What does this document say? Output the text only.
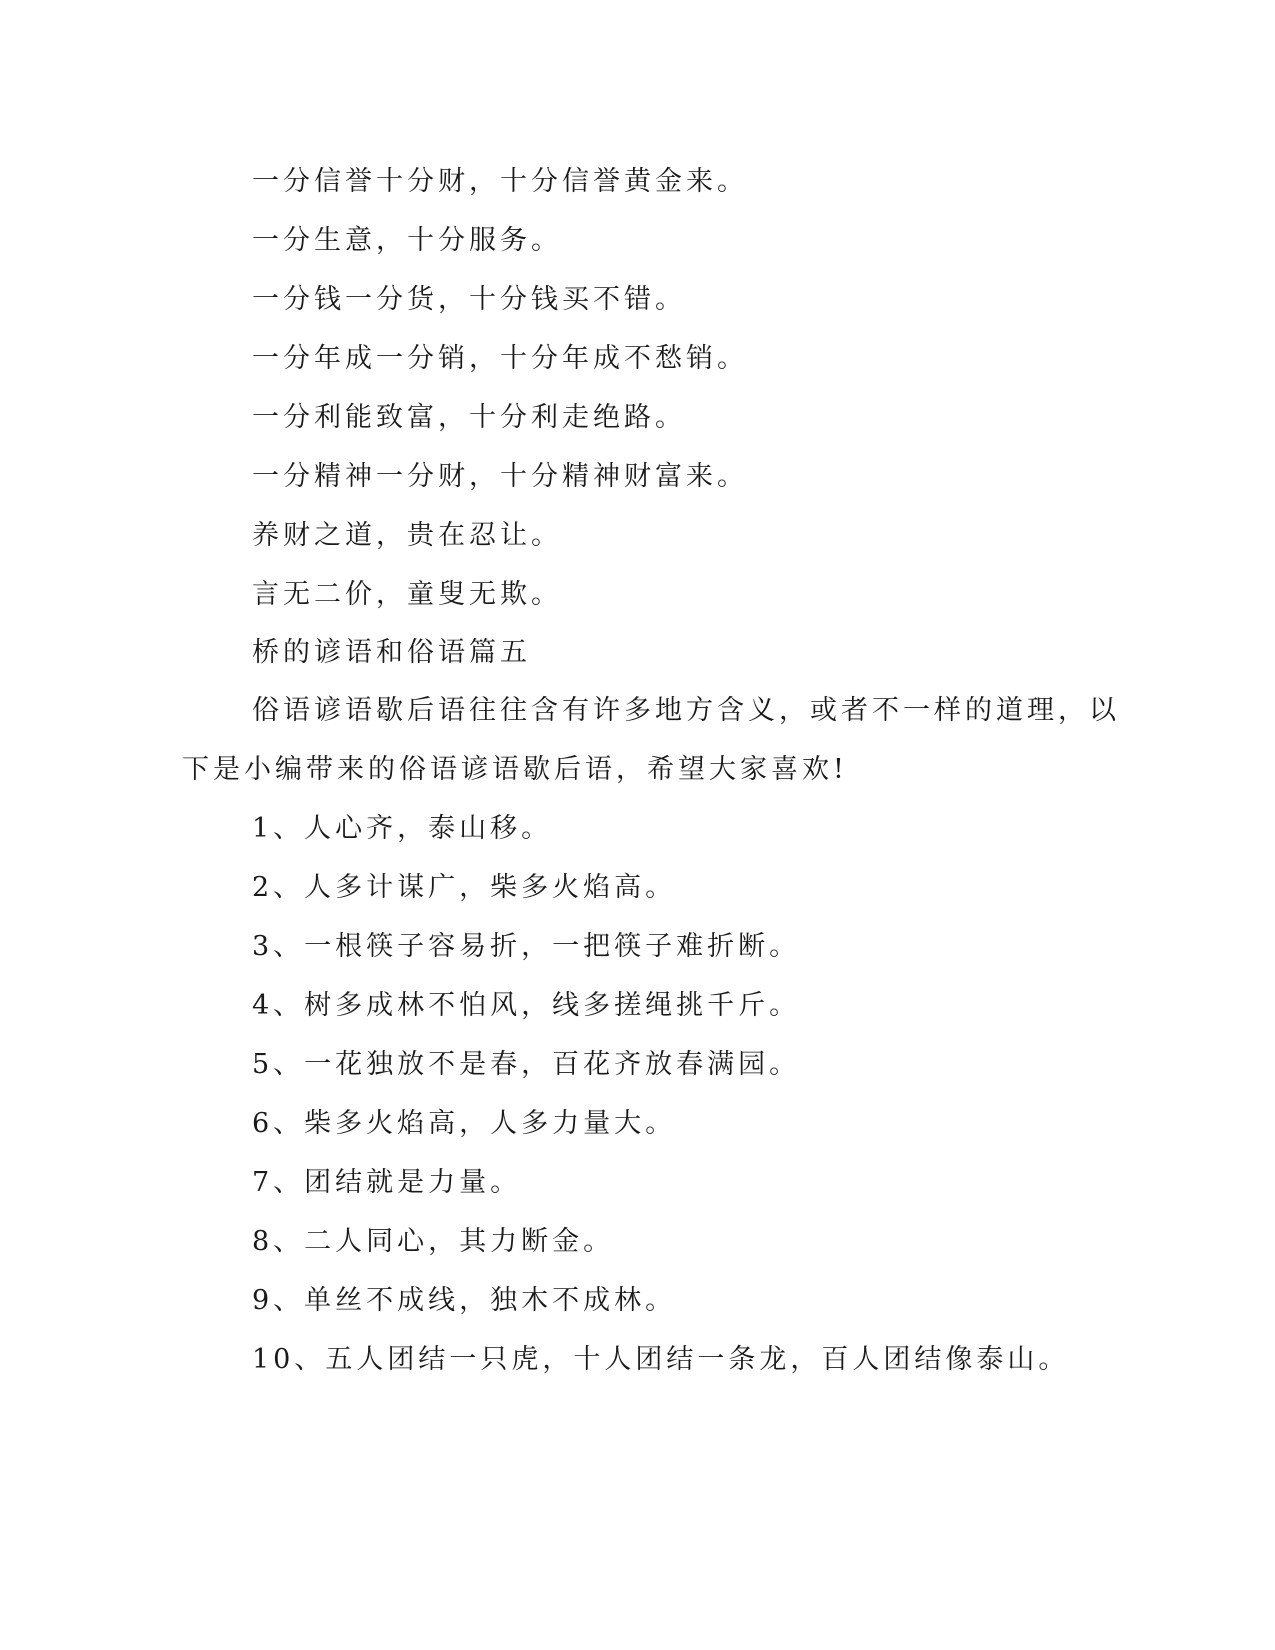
一分信誉十分财，十分信誉黄金来。
一分生意，十分服务。
一分钱一分货，十分钱买不错。
一分年成一分销，十分年成不愁销。
一分利能致富，十分利走绝路。
一分精神一分财，十分精神财富来。
养财之道，贵在忍让。
言无二价，童叟无欺。
桥的谚语和俗语篇五
俗语谚语歇后语往往含有许多地方含义，或者不一样的道理，以
下是小编带来的俗语谚语歇后语，希望大家喜欢!
1、人心齐，泰山移。
2、人多计谋广，柴多火焰高。
3、一根筷子容易折，一把筷子难折断。
4、树多成林不怕风，线多搓绳挑千斤。
5、一花独放不是春，百花齐放春满园。
6、柴多火焰高，人多力量大。
7、团结就是力量。
8、二人同心，其力断金。
9、单丝不成线，独木不成林。
10、五人团结一只虎，十人团结一条龙，百人团结像泰山。
